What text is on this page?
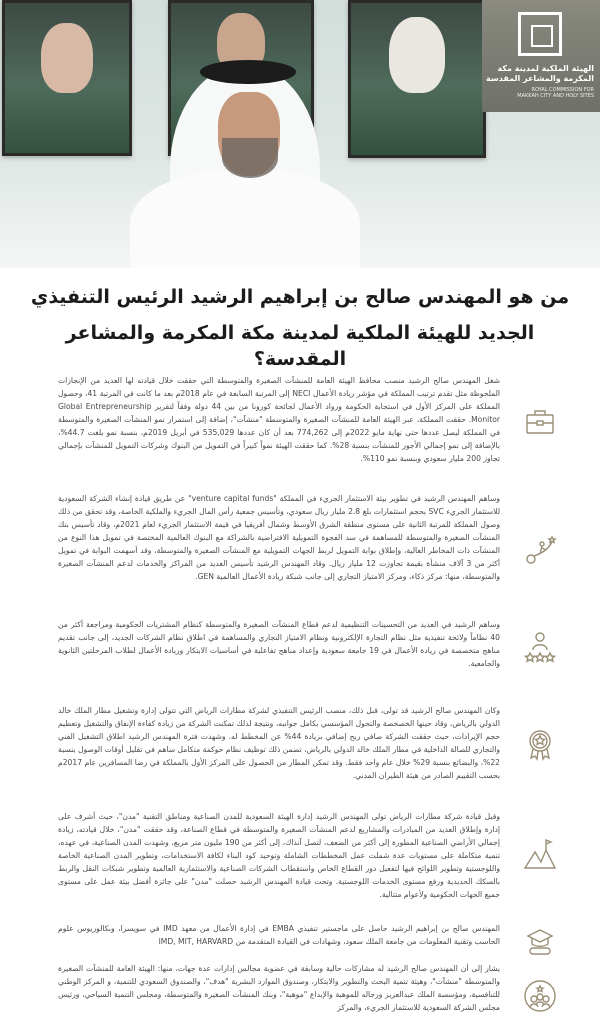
الهيئة الملكية لمدينة مكة المكرمة والمشاعر المقدسة
ROYAL COMMISSION FOR
MAKKAH CITY AND HOLY SITES
من هو المهندس صالح بن إبراهيم الرشيد الرئيس التنفيذي
الجديد للهيئة الملكية لمدينة مكة المكرمة والمشاعر المقدسة؟
شغل المهندس صالح الرشيد منصب محافظ الهيئة العامة للمنشآت الصغيرة والمتوسطة التي حققت خلال قيادته لها العديد من الإنجازات الملحوظة مثل تقدم ترتيب المملكة في مؤشر ريادة الأعمال NECI إلى المرتبة السابعة في عام 2018م بعد ما كانت في المرتبة 41، وحصول المملكة على المركز الأول في استجابة الحكومة ورواد الأعمال لجائحة كورونا من بين 44 دولة وفقاً لتقرير Global Entrepreneurship Monitor. حققت المملكة، عبر الهيئة العامة للمنشآت الصغيرة والمتوسطة "منشآت"، إضافة إلى استمرار نمو المنشآت الصغيرة والمتوسطة في المملكة ليصل عددها حتى نهاية مايو 2022م إلى 774,262 بعد أن كان عددها 535,029 في أبريل 2019م، بنسبة نمو بلغت 44.7%، بالإضافة إلى نمو إجمالي الأجور للمنشآت بنسبة 28%. كما حققت الهيئة نمواً كبيراً في التمويل من البنوك وشركات التمويل للمنشآت بإجمالي تجاوز 200 مليار سعودي وبنسبة نمو 110%.
وساهم المهندس الرشيد في تطوير بيئة الاستثمار الجريء في المملكة "venture capital funds" عن طريق قيادة إنشاء الشركة السعودية للاستثمار الجريء SVC بحجم استثمارات بلغ 2.8 مليار ريال سعودي، وتأسيس جمعية رأس المال الجريء والملكية الخاصة، وقد تحقق من ذلك وصول المملكة للمرتبة الثانية على مستوى منطقة الشرق الأوسط وشمال أفريقيا في قيمة الاستثمار الجريء لعام 2021م، وقاد تأسيس بنك المنشآت الصغيرة والمتوسطة للمساهمة في سد الفجوة التمويلية الافتراضية بالشراكة مع البنوك العالمية المختصة في تمويل هذا النوع من المنشآت ذات المخاطر العالية، وإطلاق بوابة التمويل لربط الجهات التمويلية مع المنشآت الصغيرة والمتوسطة، وقد أسهمت البوابة في تمويل أكثر من 3 آلاف منشأة بقيمة تجاوزت 12 مليار ريال. وقاد المهندس الرشيد تأسيس العديد من المراكز والخدمات لدعم المنشآت الصغيرة والمتوسطة، منها: مركز ذكاء، ومركز الامتياز التجاري إلى جانب شبكة ريادة الأعمال العالمية GEN.
وساهم الرشيد في العديد من التحسينات التنظيمية لدعم قطاع المنشآت الصغيرة والمتوسطة كنظام المشتريات الحكومية ومراجعة أكثر من 40 نظاماً ولائحة تنفيذية مثل نظام التجارة الإلكترونية ونظام الامتياز التجاري والمساهمة في اطلاق نظام الشركات الجديد، إلى جانب تقديم مناهج متخصصة في ريادة الأعمال في 19 جامعة سعودية وإعداد مناهج تفاعلية في أساسيات الابتكار وريادة الأعمال لطلاب المرحلتين الثانوية والجامعية.
وكان المهندس صالح الرشيد قد تولى، قبل ذلك، منصب الرئيس التنفيذي لشركة مطارات الرياض التي تتولى إدارة وتشغيل مطار الملك خالد الدولي بالرياض، وقاد حينها الخصخصة والتحول المؤسسي بكامل جوانبه، ونتيجة لذلك تمكنت الشركة من زيادة كفاءة الإنفاق والتشغيل وتعظيم حجم الإيرادات، حيث حققت الشركة صافي ربح إضافي بزيادة 44% عن المخطط له. وشهدت فترة المهندس الرشيد اطلاق التشغيل الفني والتجاري للصالة الداخلية في مطار الملك خالد الدولي بالرياض، تضمن ذلك توظيف نظام حوكمة متكامل ساهم في تقليل أوقات الوصول بنسبة 22%، والبضائع بنسبة 29% خلال عام واحد فقط. وقد تمكن المطار من الحصول على المركز الأول بالمملكة في رضا المسافرين عام 2017م بحسب التقييم الصادر من هيئة الطيران المدني.
وقبل قيادة شركة مطارات الرياض تولى المهندس الرشيد إدارة الهيئة السعودية للمدن الصناعية ومناطق التقنية "مدن"، حيث أشرف على إدارة وإطلاق العديد من المبادرات والمشاريع لدعم المنشآت الصغيرة والمتوسطة في قطاع الصناعة، وقد حققت "مدن"، خلال قيادته، زيادة إجمالي الأراضي الصناعية المطورة إلى أكثر من الضعف، لتصل آنذاك، إلى أكثر من 190 مليون متر مربع، وشهدت المدن الصناعية، في عهده، تنمية متكاملة على مستويات عدة شملت عمل المخططات الشاملة وتوحيد كود البناء لكافة الاستخدامات، وتطوير المدن الصناعية الخاصة واللوجستية وتطوير اللوائح فيها لتفعيل دور القطاع الخاص واستقطاب الشركات الصناعية والاستثمارية العالمية وتطوير شبكات النقل والربط بالسكك الحديدية ورفع مستوى الخدمات اللوجستية. وتحت قيادة المهندس الرشيد حصلت "مدن" على جائزة أفضل بيئة عمل على مستوى جميع الجهات الحكومية ولأعوام متتالية.
المهندس صالح بن إبراهيم الرشيد حاصل على ماجستير تنفيذي EMBA في إدارة الأعمال من معهد IMD في سويسرا، وبكالوريوس علوم الحاسب وتقنية المعلومات من جامعة الملك سعود، وشهادات في القيادة المتقدمة من IMD, MIT, HARVARD
يشار إلى أن المهندس صالح الرشيد له مشاركات حالية وسابقة في عضوية مجالس إدارات عدة جهات، منها: الهيئة العامة للمنشآت الصغيرة والمتوسطة "منشآت"، وهيئة تنمية البحث والتطوير والابتكار، وصندوق الموارد البشرية "هدف"، والصندوق السعودي للتنمية، و المركز الوطني للتنافسية، ومؤسسة الملك عبدالعزيز ورجاله للموهبة والإبداع "موهبة"، وبنك المنشآت الصغيرة والمتوسطة، ومجلس التنمية السياحي، ورئيس مجلس الشركة السعودية للاستثمار الجريء، والمركز
